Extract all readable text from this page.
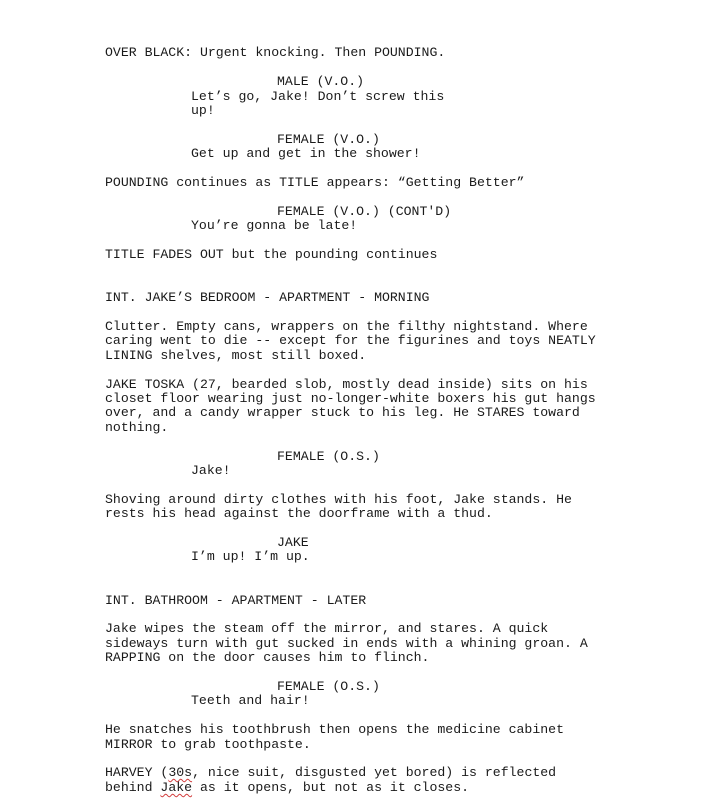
OVER BLACK: Urgent knocking. Then POUNDING.
MALE (V.O.)
Let’s go, Jake! Don’t screw this
up!
FEMALE (V.O.)
Get up and get in the shower!
POUNDING continues as TITLE appears: “Getting Better”
FEMALE (V.O.) (CONT'D)
You’re gonna be late!
TITLE FADES OUT but the pounding continues
INT. JAKE’S BEDROOM - APARTMENT - MORNING
Clutter. Empty cans, wrappers on the filthy nightstand. Where
caring went to die -- except for the figurines and toys NEATLY
LINING shelves, most still boxed.
JAKE TOSKA (27, bearded slob, mostly dead inside) sits on his
closet floor wearing just no-longer-white boxers his gut hangs
over, and a candy wrapper stuck to his leg. He STARES toward
nothing.
FEMALE (O.S.)
Jake!
Shoving around dirty clothes with his foot, Jake stands. He
rests his head against the doorframe with a thud.
JAKE
I’m up! I’m up.
INT. BATHROOM - APARTMENT - LATER
Jake wipes the steam off the mirror, and stares. A quick
sideways turn with gut sucked in ends with a whining groan. A
RAPPING on the door causes him to flinch.
FEMALE (O.S.)
Teeth and hair!
He snatches his toothbrush then opens the medicine cabinet
MIRROR to grab toothpaste.
HARVEY (30s, nice suit, disgusted yet bored) is reflected
behind Jake as it opens, but not as it closes.
